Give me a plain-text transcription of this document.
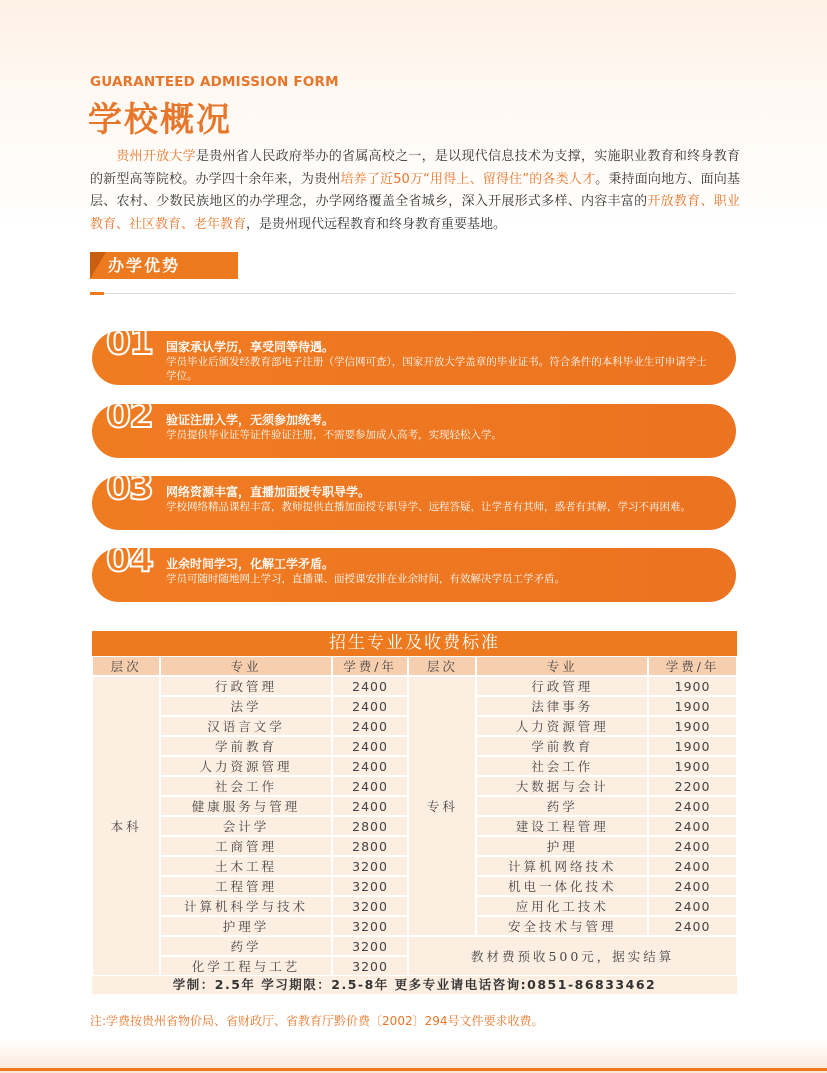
GUARANTEED ADMISSION FORM
学校概况
贵州开放大学是贵州省人民政府举办的省属高校之一，是以现代信息技术为支撑，实施职业教育和终身教育的新型高等院校。办学四十余年来，为贵州培养了近50万“用得上、留得住”的各类人才。秉持面向地方、面向基层、农村、少数民族地区的办学理念，办学网络覆盖全省城乡，深入开展形式多样、内容丰富的开放教育、职业教育、社区教育、老年教育，是贵州现代远程教育和终身教育重要基地。
办学优势
01 国家承认学历，享受同等待遇。
学员毕业后颁发经教育部电子注册（学信网可查），国家开放大学盖章的毕业证书。符合条件的本科毕业生可申请学士学位。
02 验证注册入学，无须参加统考。
学员提供毕业证等证件验证注册，不需要参加成人高考，实现轻松入学。
03 网络资源丰富，直播加面授专职导学。
学校网络精品课程丰富，教师提供直播加面授专职导学、远程答疑，让学者有其师，惑者有其解，学习不再困难。
04 业余时间学习，化解工学矛盾。
学员可随时随地网上学习，直播课、面授课安排在业余时间，有效解决学员工学矛盾。
招生专业及收费标准
层次	专业	学费/年	层次	专业	学费/年
本科	行政管理	2400	专科	行政管理	1900
	法学	2400		法律事务	1900
	汉语言文学	2400		人力资源管理	1900
	学前教育	2400		学前教育	1900
	人力资源管理	2400		社会工作	1900
	社会工作	2400		大数据与会计	2200
	健康服务与管理	2400		药学	2400
	会计学	2800		建设工程管理	2400
	工商管理	2800		护理	2400
	土木工程	3200		计算机网络技术	2400
	工程管理	3200		机电一体化技术	2400
	计算机科学与技术	3200		应用化工技术	2400
	护理学	3200		安全技术与管理	2400
	药学	3200	教材费预收500元，据实结算		
	化学工程与工艺	3200			
学制：2.5年 学习期限：2.5-8年 更多专业请电话咨询:0851-86833462
注:学费按贵州省物价局、省财政厅、省教育厅黔价费〔2002〕294号文件要求收费。
